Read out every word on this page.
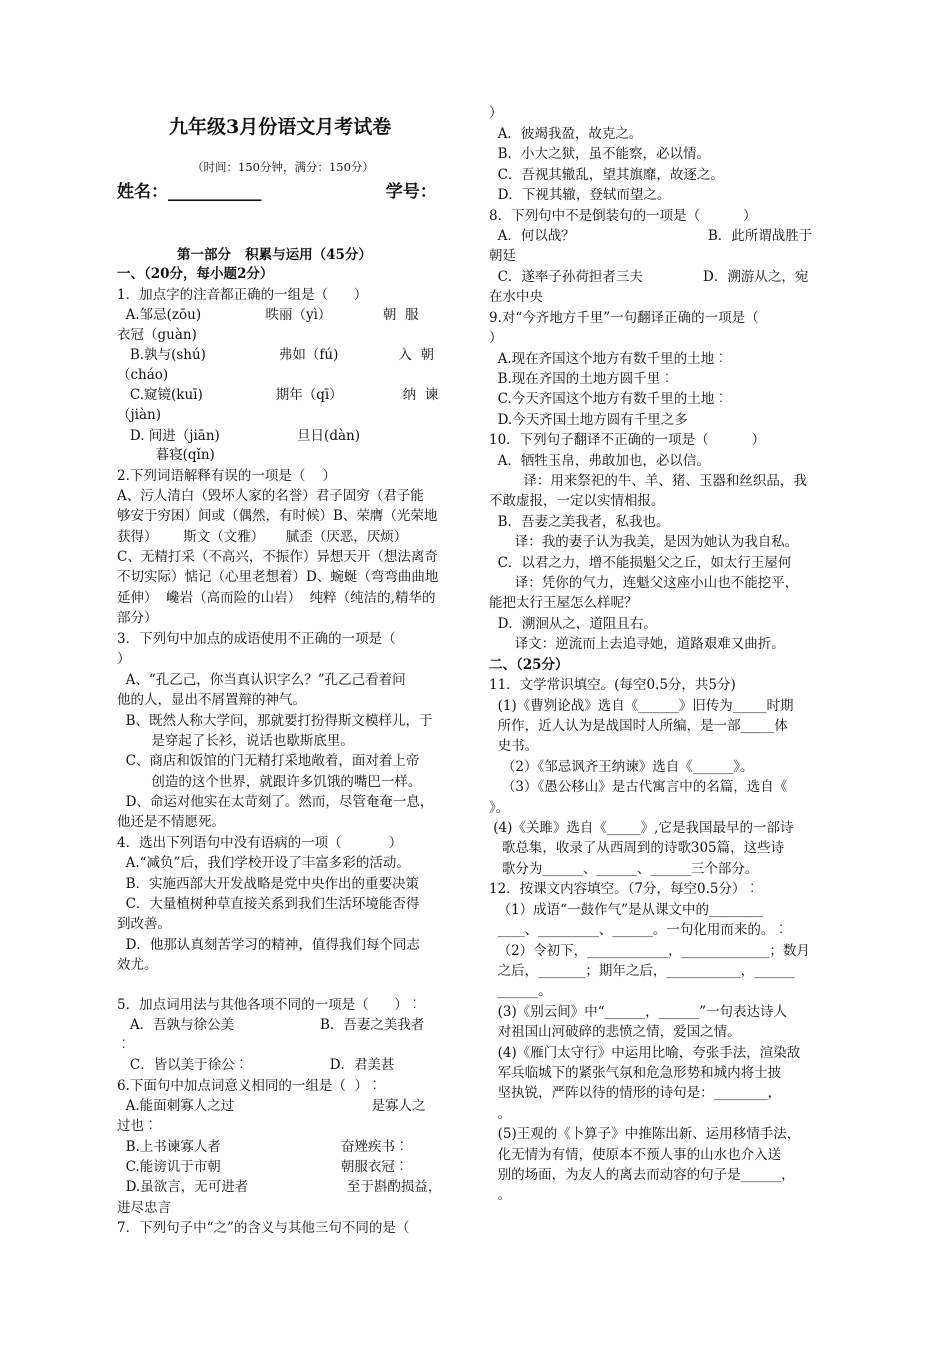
九年级3月份语文月考试卷
（时间：150分钟，满分：150分）
姓名：___________                     学号：
第一部分   积累与运用（45分）
一、（20分，每小题2分）
1．加点字的注音都正确的一组是（      ）
A.邹忌(zōu)               昳丽（yì）            朝  服
衣冠（guàn)
B.孰与(shú)                 弗如（fú)              入  朝
（cháo)
C.窥镜(kuī)                 期年（qī）              纳  谏
（jiàn)
D. 间进（jiān)                  旦日(dàn)
暮寝(qǐn)
2.下列词语解释有误的一项是（    ）
A、污人清白（毁坏人家的名誉）君子固穷（君子能
够安于穷困）间或（偶然，有时候）B、荣膺（光荣地
获得）      斯文（文雅）     腻歪（厌恶，厌烦）
C、无精打采（不高兴，不振作）异想天开（想法离奇
不切实际）惦记（心里老想着）D、蜿蜒（弯弯曲曲地
延伸）  巉岩（高而险的山岩）  纯粹（纯洁的,精华的
部分）
3．下列句中加点的成语使用不正确的一项是（
）
A、“孔乙己，你当真认识字么？”孔乙己看着问
他的人，显出不屑置辩的神气。
B、既然人称大学问，那就要打扮得斯文模样儿，于
是穿起了长衫，说话也歇斯底里。
C、商店和饭馆的门无精打采地敞着，面对着上帝
创造的这个世界，就跟许多饥饿的嘴巴一样。
D、命运对他实在太苛刻了。然而，尽管奄奄一息，
他还是不情愿死。
4．选出下列语句中没有语病的一项（           ）
A.“减负”后，我们学校开设了丰富多彩的活动。
B．实施西部大开发战略是党中央作出的重要决策
C．大量植树种草直接关系到我们生活环境能否得
到改善。
D．他那认真刻苦学习的精神，值得我们每个同志
效尤。
5．加点词用法与其他各项不同的一项是（      ）︰
A．吾孰与徐公美                    B．吾妻之美我者
︰
C．皆以美于徐公︰                   D．君美甚
6.下面句中加点词意义相同的一组是（  ）︰
A.能面刺寡人之过                                是寡人之
过也︰
B.上书谏寡人者                            奋矬疾书︰
C.能谤讥于市朝                            朝服衣冠︰
D.虽欲言，无可进者                       至于斟酌损益，
进尽忠言
7．下列句子中“之”的含义与其他三句不同的是（
）
A．彼竭我盈，故克之。
B．小大之狱，虽不能察，必以情。
C．吾视其辙乱，望其旗靡，故逐之。
D．下视其辙，登轼而望之。
8．下列句中不是倒装句的一项是（          ）
A．何以战？                               B．此所谓战胜于
朝廷
C．遂率子孙荷担者三夫              D．溯游从之，宛
在水中央
9.对“今齐地方千里”一句翻译正确的一项是（
）
A.现在齐国这个地方有数千里的土地︰
B.现在齐国的土地方圆千里︰
C.今天齐国这个地方有数千里的土地︰
D.今天齐国土地方圆有千里之多
10．下列句子翻译不正确的一项是（          ）
A．牺牲玉帛，弗敢加也，必以信。
译：用来祭祀的牛、羊、猪、玉器和丝织品，我
不敢虚报，一定以实情相报。
B．吾妻之美我者，私我也。
译：我的妻子认为我美，是因为她认为我自私。
C．以君之力，增不能损魁父之丘，如太行王屋何
译：凭你的气力，连魁父这座小山也不能挖平，
能把太行王屋怎么样呢？
D．溯洄从之，道阻且右。
译文：逆流而上去追寻她，道路艰难又曲折。
二、（25分）
11．文学常识填空。(每空0.5分，共5分)
(1)《曹刿论战》选自《______》旧传为_____时期
所作，近人认为是战国时人所编，是一部_____体
史书。
（2）《邹忌讽齐王纳谏》选自《______》。
（3）《愚公移山》是古代寓言中的名篇，选自《
》。
(4)《关雎》选自《_____》,它是我国最早的一部诗
歌总集，收录了从西周到的诗歌305篇，这些诗
歌分为______、______、______三个部分。
12．按课文内容填空。（7分，每空0.5分）︰
（1）成语“一鼓作气”是从课文中的________
____、_________、______。一句化用而来的。︰
（2）令初下，____________，_____________；数月
之后，_______；期年之后，___________，______
______。
(3)《别云间》中“______，______”一句表达诗人
对祖国山河破碎的悲愤之情，爱国之情。
(4)《雁门太守行》中运用比喻，夸张手法，渲染敌
军兵临城下的紧张气氛和危急形势和城内将士披
坚执锐，严阵以待的情形的诗句是：________，
。
(5)王观的《卜算子》中推陈出新、运用移情手法，
化无情为有情，使原本不预人事的山水也介入送
别的场面，为友人的离去而动容的句子是______，
。
